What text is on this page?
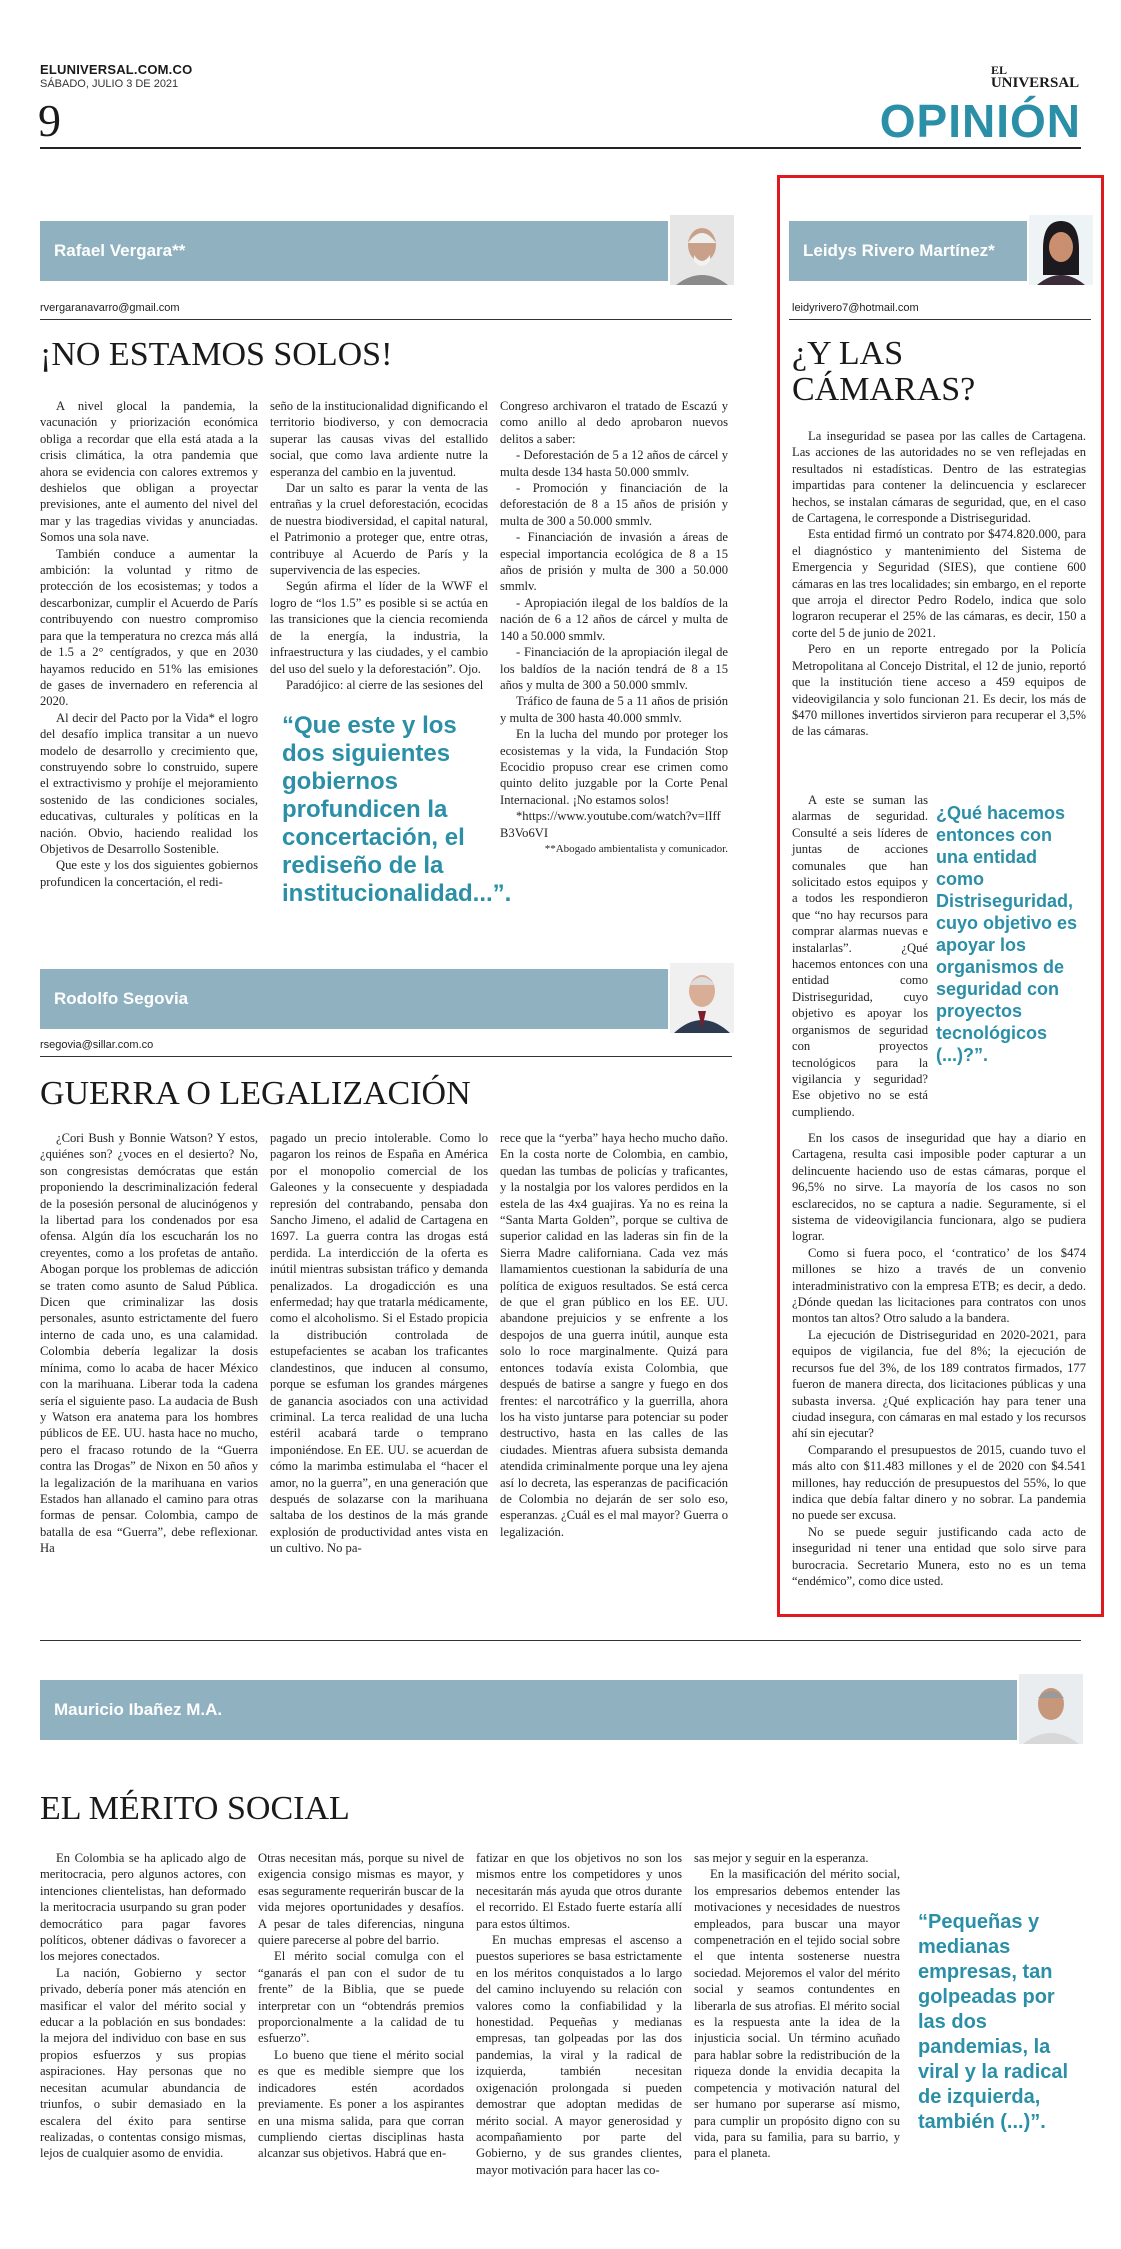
ELUNIVERSAL.COM.CO
SÁBADO, JULIO 3 DE 2021
9
EL
UNIVERSAL
OPINIÓN
Rafael Vergara**
rvergaranavarro@gmail.com
¡NO ESTAMOS SOLOS!

A nivel glocal la pandemia, la vacunación y priorización económica obliga a recordar que ella está atada a la crisis climática, la otra pandemia que ahora se evidencia con calores extremos y deshielos que obligan a proyectar previsiones, ante el aumento del nivel del mar y las tragedias vividas y anunciadas. Somos una sola nave.

También conduce a aumentar la ambición: la voluntad y ritmo de protección de los ecosistemas; y todos a descarbonizar, cumplir el Acuerdo de París contribuyendo con nuestro compromiso para que la temperatura no crezca más allá de 1.5 a 2° centígrados, y que en 2030 hayamos reducido en 51% las emisiones de gases de invernadero en referencia al 2020.

Al decir del Pacto por la Vida* el logro del desafío implica transitar a un nuevo modelo de desarrollo y crecimiento que, construyendo sobre lo construido, supere el extractivismo y prohíje el mejoramiento sostenido de las condiciones sociales, educativas, culturales y políticas en la nación. Obvio, haciendo realidad los Objetivos de Desarrollo Sostenible.

Que este y los dos siguientes gobiernos profundicen la concertación, el redi-

seño de la institucionalidad dignificando el territorio biodiverso, y con democracia superar las causas vivas del estallido social, que como lava ardiente nutre la esperanza del cambio en la juventud.

Dar un salto es parar la venta de las entrañas y la cruel deforestación, ecocidas de nuestra biodiversidad, el capital natural, el Patrimonio a proteger que, entre otras, contribuye al Acuerdo de París y la supervivencia de las especies.

Según afirma el líder de la WWF el logro de “los 1.5” es posible si se actúa en las transiciones que la ciencia recomienda de la energía, la industria, la infraestructura y las ciudades, y el cambio del uso del suelo y la deforestación”. Ojo.

Paradójico: al cierre de las sesiones del

“Que este y los dos siguientes gobiernos profundicen la concertación, el rediseño de la institucionalidad...”.

Congreso archivaron el tratado de Escazú y como anillo al dedo aprobaron nuevos delitos a saber:

- Deforestación de 5 a 12 años de cárcel y multa desde 134 hasta 50.000 smmlv.

- Promoción y financiación de la deforestación de 8 a 15 años de prisión y multa de 300 a 50.000 smmlv.

- Financiación de invasión a áreas de especial importancia ecológica de 8 a 15 años de prisión y multa de 300 a 50.000 smmlv.

- Apropiación ilegal de los baldíos de la nación de 6 a 12 años de cárcel y multa de 140 a 50.000 smmlv.

- Financiación de la apropiación ilegal de los baldíos de la nación tendrá de 8 a 15 años y multa de 300 a 50.000 smmlv.

Tráfico de fauna de 5 a 11 años de prisión y multa de 300 hasta 40.000 smmlv.

En la lucha del mundo por proteger los ecosistemas y la vida, la Fundación Stop Ecocidio propuso crear ese crimen como quinto delito juzgable por la Corte Penal Internacional. ¡No estamos solos!

*https://www.youtube.com/watch?v=lIffB3Vo6VI

**Abogado ambientalista y comunicador.
Rodolfo Segovia
rsegovia@sillar.com.co
GUERRA O LEGALIZACIÓN

¿Cori Bush y Bonnie Watson? Y estos, ¿quiénes son? ¿voces en el desierto? No, son congresistas demócratas que están proponiendo la descriminalización federal de la posesión personal de alucinógenos y la libertad para los condenados por esa ofensa. Algún día los escucharán los no creyentes, como a los profetas de antaño. Abogan porque los problemas de adicción se traten como asunto de Salud Pública. Dicen que criminalizar las dosis personales, asunto estrictamente del fuero interno de cada uno, es una calamidad. Colombia debería legalizar la dosis mínima, como lo acaba de hacer México con la marihuana. Liberar toda la cadena sería el siguiente paso. La audacia de Bush y Watson era anatema para los hombres públicos de EE. UU. hasta hace no mucho, pero el fracaso rotundo de la “Guerra contra las Drogas” de Nixon en 50 años y la legalización de la marihuana en varios Estados han allanado el camino para otras formas de pensar. Colombia, campo de batalla de esa “Guerra”, debe reflexionar. Ha

pagado un precio intolerable. Como lo pagaron los reinos de España en América por el monopolio comercial de los Galeones y la consecuente y despiadada represión del contrabando, pensaba don Sancho Jimeno, el adalid de Cartagena en 1697. La guerra contra las drogas está perdida. La interdicción de la oferta es inútil mientras subsistan tráfico y demanda penalizados. La drogadicción es una enfermedad; hay que tratarla médicamente, como el alcoholismo. Si el Estado propicia la distribución controlada de estupefacientes se acaban los traficantes clandestinos, que inducen al consumo, porque se esfuman los grandes márgenes de ganancia asociados con una actividad criminal. La terca realidad de una lucha estéril acabará tarde o temprano imponiéndose. En EE. UU. se acuerdan de cómo la marimba estimulaba el “hacer el amor, no la guerra”, en una generación que después de solazarse con la marihuana saltaba de los destinos de la más grande explosión de productividad antes vista en un cultivo. No pa-

rece que la “yerba” haya hecho mucho daño. En la costa norte de Colombia, en cambio, quedan las tumbas de policías y traficantes, y la nostalgia por los valores perdidos en la estela de las 4x4 guajiras. Ya no es reina la “Santa Marta Golden”, porque se cultiva de superior calidad en las laderas sin fin de la Sierra Madre californiana. Cada vez más llamamientos cuestionan la sabiduría de una política de exiguos resultados. Se está cerca de que el gran público en los EE. UU. abandone prejuicios y se enfrente a los despojos de una guerra inútil, aunque esta solo lo roce marginalmente. Quizá para entonces todavía exista Colombia, que después de batirse a sangre y fuego en dos frentes: el narcotráfico y la guerrilla, ahora los ha visto juntarse para potenciar su poder destructivo, hasta en las calles de las ciudades. Mientras afuera subsista demanda atendida criminalmente porque una ley ajena así lo decreta, las esperanzas de pacificación de Colombia no dejarán de ser solo eso, esperanzas. ¿Cuál es el mal mayor? Guerra o legalización.

Leidys Rivero Martínez*
leidyrivero7@hotmail.com
¿Y LAS
CÁMARAS?

La inseguridad se pasea por las calles de Cartagena. Las acciones de las autoridades no se ven reflejadas en resultados ni estadísticas. Dentro de las estrategias impartidas para contener la delincuencia y esclarecer hechos, se instalan cámaras de seguridad, que, en el caso de Cartagena, le corresponde a Distriseguridad.

Esta entidad firmó un contrato por $474.820.000, para el diagnóstico y mantenimiento del Sistema de Emergencia y Seguridad (SIES), que contiene 600 cámaras en las tres localidades; sin embargo, en el reporte que arroja el director Pedro Rodelo, indica que solo lograron recuperar el 25% de las cámaras, es decir, 150 a corte del 5 de junio de 2021.

Pero en un reporte entregado por la Policía Metropolitana al Concejo Distrital, el 12 de junio, reportó que la institución tiene acceso a 459 equipos de videovigilancia y solo funcionan 21. Es decir, los más de $470 millones invertidos sirvieron para recuperar el 3,5% de las cámaras.

A este se suman las alarmas de seguridad. Consulté a seis líderes de juntas de acciones comunales que han solicitado estos equipos y a todos les respondieron que “no hay recursos para comprar alarmas nuevas e instalarlas”. ¿Qué hacemos entonces con una entidad como Distriseguridad, cuyo objetivo es apoyar los organismos de seguridad con proyectos tecnológicos para la vigilancia y seguridad? Ese objetivo no se está cumpliendo.

¿Qué hacemos entonces con una entidad como Distriseguridad, cuyo objetivo es apoyar los organismos de seguridad con proyectos tecnológicos (...)?”.

En los casos de inseguridad que hay a diario en Cartagena, resulta casi imposible poder capturar a un delincuente haciendo uso de estas cámaras, porque el 96,5% no sirve. La mayoría de los casos no son esclarecidos, no se captura a nadie. Seguramente, si el sistema de videovigilancia funcionara, algo se pudiera lograr.

Como si fuera poco, el ‘contratico’ de los $474 millones se hizo a través de un convenio interadministrativo con la empresa ETB; es decir, a dedo. ¿Dónde quedan las licitaciones para contratos con unos montos tan altos? Otro saludo a la bandera.

La ejecución de Distriseguridad en 2020-2021, para equipos de vigilancia, fue del 8%; la ejecución de recursos fue del 3%, de los 189 contratos firmados, 177 fueron de manera directa, dos licitaciones públicas y una subasta inversa. ¿Qué explicación hay para tener una ciudad insegura, con cámaras en mal estado y los recursos ahí sin ejecutar?

Comparando el presupuestos de 2015, cuando tuvo el más alto con $11.483 millones y el de 2020 con $4.541 millones, hay reducción de presupuestos del 55%, lo que indica que debía faltar dinero y no sobrar. La pandemia no puede ser excusa.

No se puede seguir justificando cada acto de inseguridad ni tener una entidad que solo sirve para burocracia. Secretario Munera, esto no es un tema “endémico”, como dice usted.

Mauricio Ibañez M.A.
EL MÉRITO SOCIAL

En Colombia se ha aplicado algo de meritocracia, pero algunos actores, con intenciones clientelistas, han deformado la meritocracia usurpando su gran poder democrático para pagar favores políticos, obtener dádivas o favorecer a los mejores conectados.

La nación, Gobierno y sector privado, debería poner más atención en masificar el valor del mérito social y educar a la población en sus bondades: la mejora del individuo con base en sus propios esfuerzos y sus propias aspiraciones. Hay personas que no necesitan acumular abundancia de triunfos, o subir demasiado en la escalera del éxito para sentirse realizadas, o contentas consigo mismas, lejos de cualquier asomo de envidia.

Otras necesitan más, porque su nivel de exigencia consigo mismas es mayor, y esas seguramente requerirán buscar de la vida mejores oportunidades y desafíos. A pesar de tales diferencias, ninguna quiere parecerse al pobre del barrio.

El mérito social comulga con el “ganarás el pan con el sudor de tu frente” de la Biblia, que se puede interpretar con un “obtendrás premios proporcionalmente a la calidad de tu esfuerzo”.

Lo bueno que tiene el mérito social es que es medible siempre que los indicadores estén acordados previamente. Es poner a los aspirantes en una misma salida, para que corran cumpliendo ciertas disciplinas hasta alcanzar sus objetivos. Habrá que en-

fatizar en que los objetivos no son los mismos entre los competidores y unos necesitarán más ayuda que otros durante el recorrido. El Estado fuerte estaría allí para estos últimos.

En muchas empresas el ascenso a puestos superiores se basa estrictamente en los méritos conquistados a lo largo del camino incluyendo su relación con valores como la confiabilidad y la honestidad. Pequeñas y medianas empresas, tan golpeadas por las dos pandemias, la viral y la radical de izquierda, también necesitan oxigenación prolongada si pueden demostrar que adoptan medidas de mérito social. A mayor generosidad y acompañamiento por parte del Gobierno, y de sus grandes clientes, mayor motivación para hacer las co-

sas mejor y seguir en la esperanza.

En la masificación del mérito social, los empresarios debemos entender las motivaciones y necesidades de nuestros empleados, para buscar una mayor compenetración en el tejido social sobre el que intenta sostenerse nuestra sociedad. Mejoremos el valor del mérito social y seamos contundentes en liberarla de sus atrofias. El mérito social es la respuesta ante la idea de la injusticia social. Un término acuñado para hablar sobre la redistribución de la riqueza donde la envidia decapita la competencia y motivación natural del ser humano por superarse así mismo, para cumplir un propósito digno con su vida, para su familia, para su barrio, y para el planeta.

“Pequeñas y medianas empresas, tan golpeadas por las dos pandemias, la viral y la radical de izquierda, también (...)”.
